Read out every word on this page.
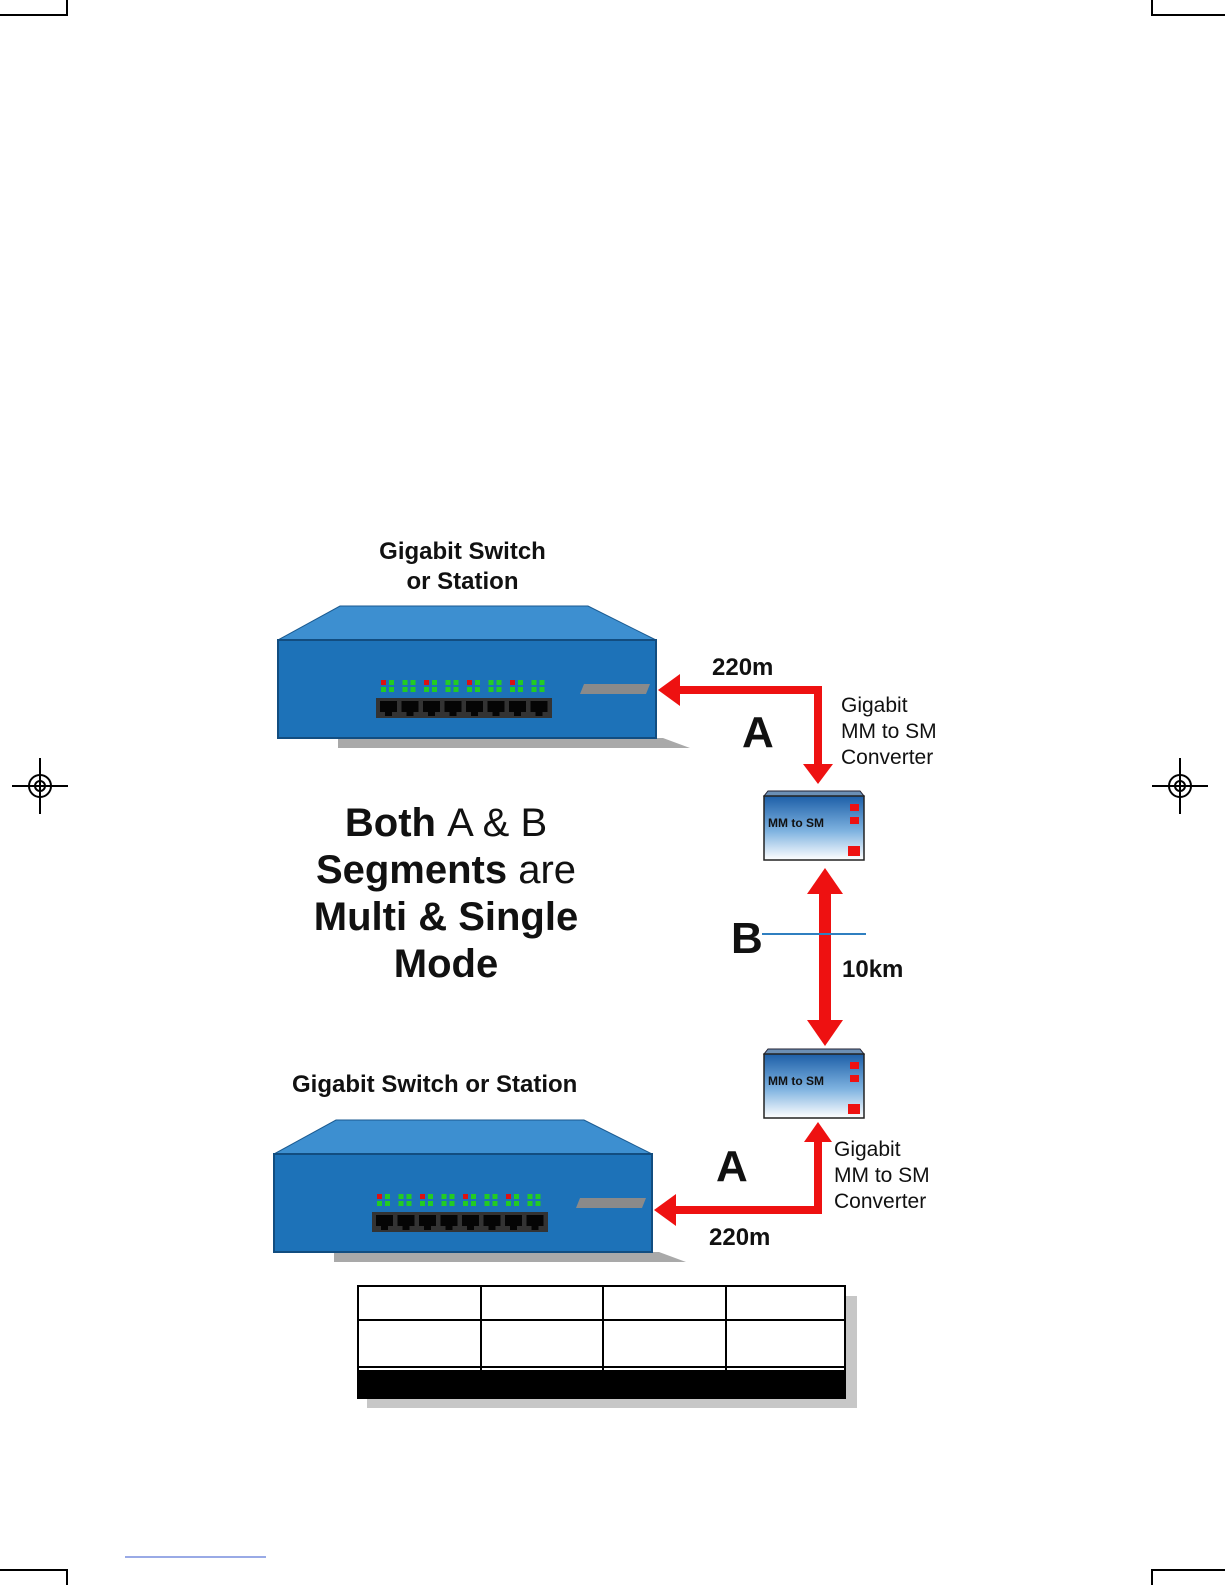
Gigabit Switch
or Station
Gigabit Switch or Station
220m
A
Gigabit
MM to SM
Converter
B
10km
A
220m
Gigabit
MM to SM
Converter
MM to SM
MM to SM
Both A & B
Segments are
Multi & Single
Mode
